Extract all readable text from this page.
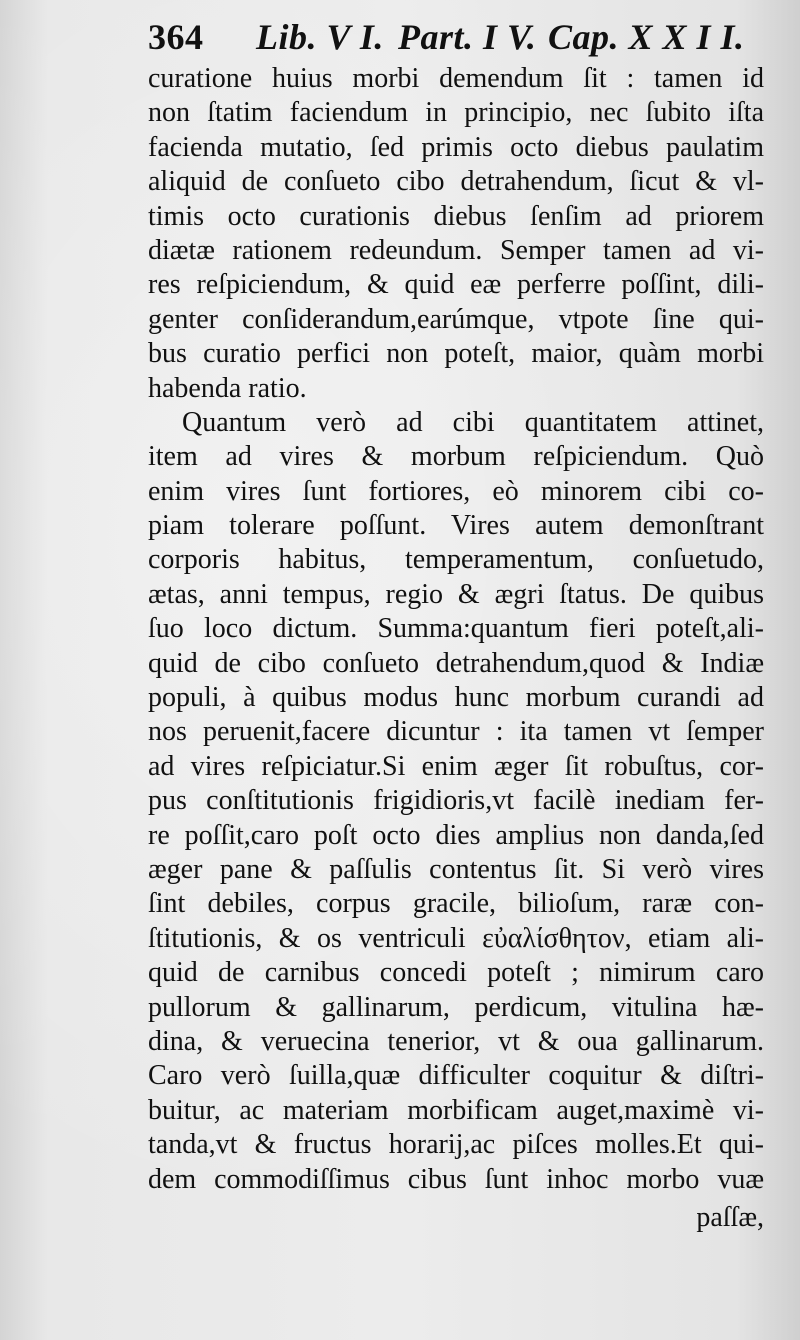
364 Lib. V I. Part. I V. Cap. X X I I.
curatione huius morbi demendum ſit : tamen id
non ſtatim faciendum in principio, nec ſubito iſta
facienda mutatio, ſed primis octo diebus paulatim
aliquid de conſueto cibo detrahendum, ſicut & vl-
timis octo curationis diebus ſenſim ad priorem
diætæ rationem redeundum. Semper tamen ad vi-
res reſpiciendum, & quid eæ perferre poſſint, dili-
genter conſiderandum,earúmque, vtpote ſine qui-
bus curatio perfici non poteſt, maior, quàm morbi
habenda ratio.
Quantum verò ad cibi quantitatem attinet,
item ad vires & morbum reſpiciendum. Quò
enim vires ſunt fortiores, eò minorem cibi co-
piam tolerare poſſunt. Vires autem demonſtrant
corporis habitus, temperamentum, conſuetudo,
ætas, anni tempus, regio & ægri ſtatus. De quibus
ſuo loco dictum. Summa:quantum fieri poteſt,ali-
quid de cibo conſueto detrahendum,quod & Indiæ
populi, à quibus modus hunc morbum curandi ad
nos peruenit,facere dicuntur : ita tamen vt ſemper
ad vires reſpiciatur.Si enim æger ſit robuſtus, cor-
pus conſtitutionis frigidioris,vt facilè inediam fer-
re poſſit,caro poſt octo dies amplius non danda,ſed
æger pane & paſſulis contentus ſit. Si verò vires
ſint debiles, corpus gracile, bilioſum, raræ con-
ſtitutionis, & os ventriculi εὐαλίσθητον, etiam ali-
quid de carnibus concedi poteſt ; nimirum caro
pullorum & gallinarum, perdicum, vitulina hæ-
dina, & veruecina tenerior, vt & oua gallinarum.
Caro verò ſuilla,quæ difficulter coquitur & diſtri-
buitur, ac materiam morbificam auget,maximè vi-
tanda,vt & fructus horarij,ac piſces molles.Et qui-
dem commodiſſimus cibus ſunt inhoc morbo vuæ
paſſæ,
